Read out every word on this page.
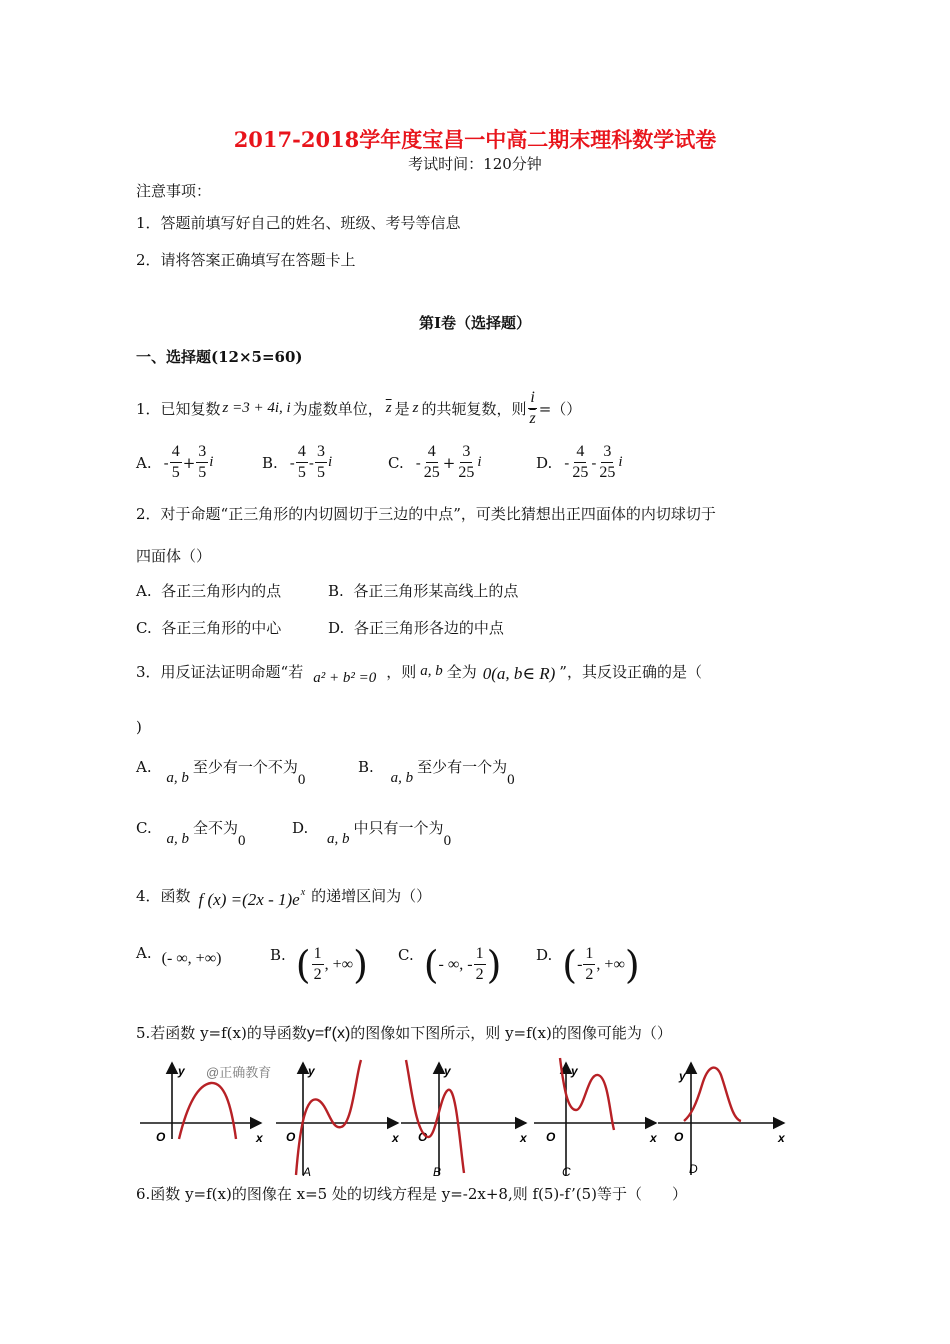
2017-2018学年度宝昌一中高二期末理科数学试卷
考试时间：120分钟
注意事项：
1．答题前填写好自己的姓名、班级、考号等信息
2．请将答案正确填写在答题卡上
第Ⅰ卷（选择题）
一、选择题(12×5=60)
1．已知复数 z =3 + 4i, i 为虚数单位， $\overline{z}$ 是 z 的共轭复数，则 $\frac{i}{z}$ =（）
A. - $\frac{4}{5} + \frac{3}{5}$ i	B. - $\frac{4}{5} - \frac{3}{5}$ i	C. - $\frac{4}{25} + \frac{3}{25}$ i	D. - $\frac{4}{25} - \frac{3}{25}$ i
2．对于命题“正三角形的内切圆切于三边的中点”，可类比猜想出正四面体的内切球切于
四面体（）
A. 各正三角形内的点	B. 各正三角形某高线上的点
C. 各正三角形的中心	D. 各正三角形各边的中点
3．用反证法证明命题“若 a² + b² =0 ，则 a, b 全为 0(a, b∈ R) ”，其反设正确的是（
)
A. a, b至少有一个不为0
B. a, b至少有一个为0
C. a, b全不为0
D. a, b中只有一个为0
4．函数 f (x) =(2x - 1)e x 的递增区间为（）
A. (- ∞, +∞)	B. ( $\frac{1}{2}$ , +∞ ) C. ( - ∞, - $\frac{1}{2}$ ) D. ( - $\frac{1}{2}$ , +∞ )
5.若函数 y=f(x)的导函数y=f′(x)的图像如下图所示，则 y=f(x)的图像可能为（）
y
x
O
@正确教育	y
x
O
A
y
x
O
B
y
x
O
C
y
x
O
D
6.函数 y=f(x)的图像在 x=5 处的切线方程是 y=-2x+8,则 f(5)-f’(5)等于（　　）
